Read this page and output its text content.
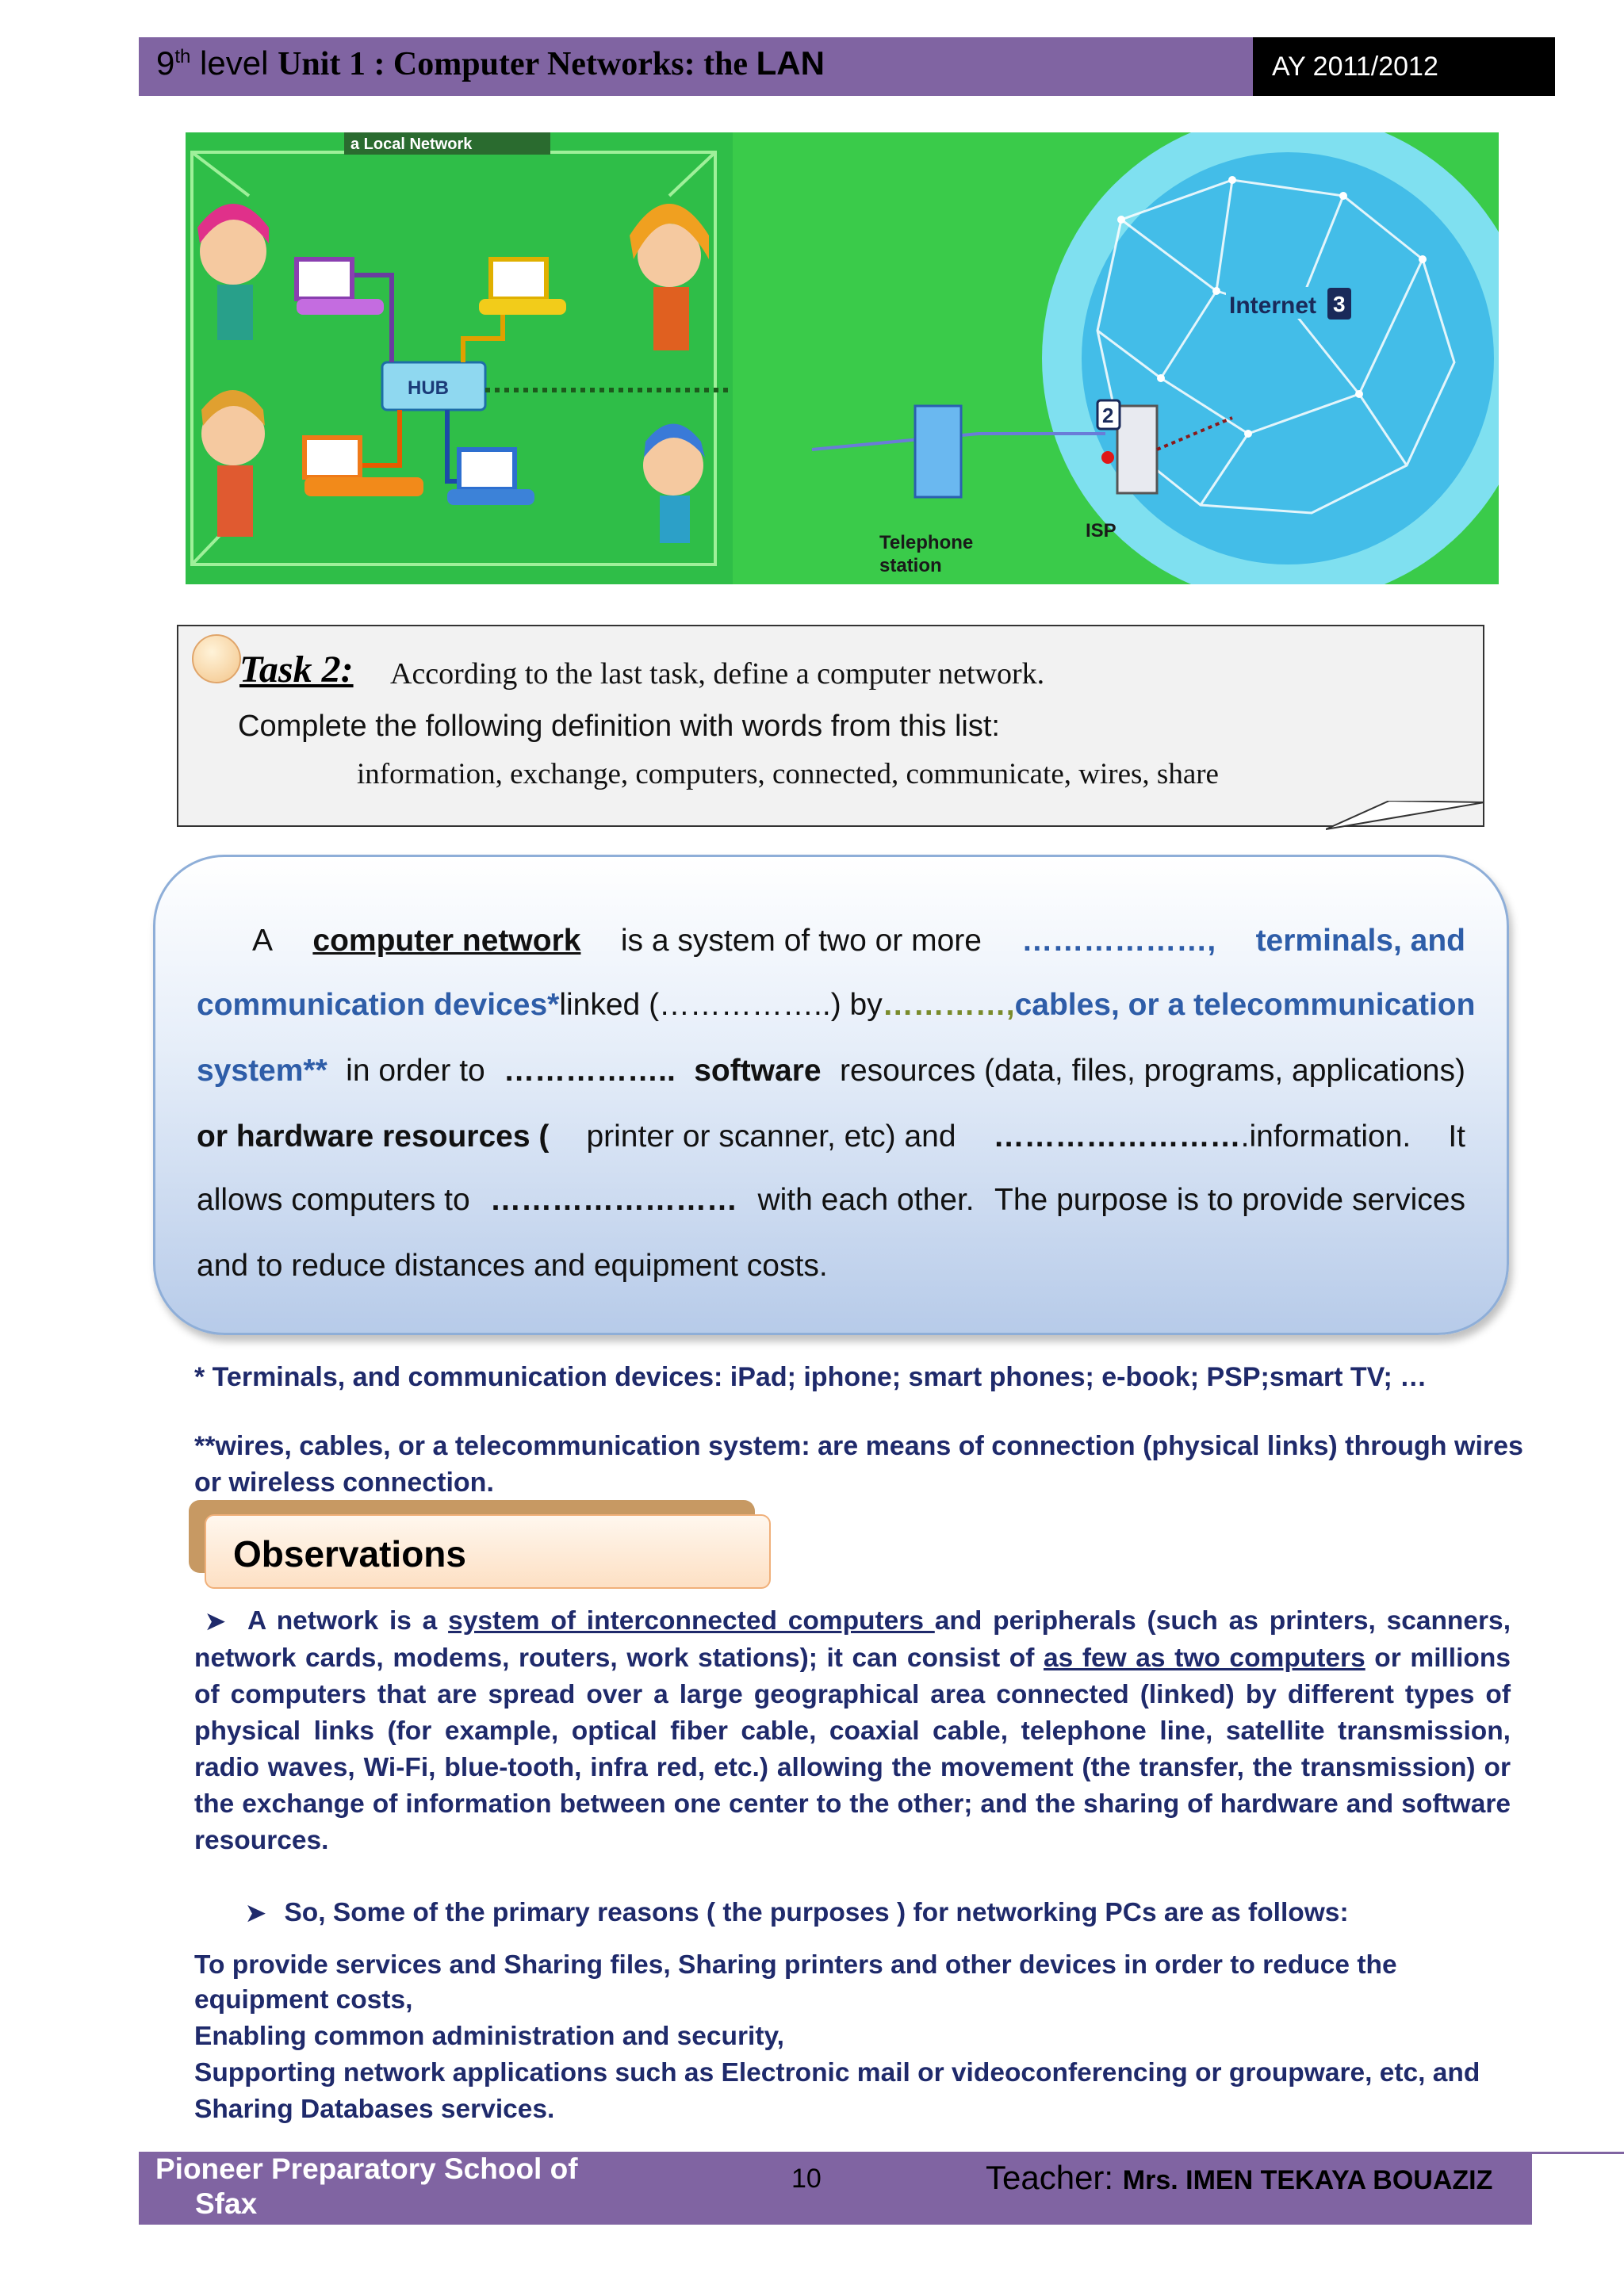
9th level Unit 1 : Computer Networks: the LAN	AY 2011/2012
a Local Network
HUB
Internet 3
Telephone
station
2
ISP
Task 2: According to the last task, define a computer network.
Complete the following definition with words from this list:
information, exchange, computers, connected, communicate, wires, share
A computer network is a system of two or more ………………, terminals, and
communication devices* linked (……………..) by …………, cables, or a telecommunication
system** in order to …………….. software resources (data, files, programs, applications)
or hardware resources ( printer or scanner, etc) and …………………….information. It
allows computers to …………………… with each other. The purpose is to provide services
and to reduce distances and equipment costs.
* Terminals, and communication devices: iPad; iphone; smart phones; e-book; PSP;smart TV; …
**wires, cables, or a telecommunication system: are means of connection (physical links) through wires
or wireless connection.
Observations
➤ A network is a system of interconnected computers and peripherals (such as printers, scanners, network cards, modems, routers, work stations); it can consist of as few as two computers or millions of computers that are spread over a large geographical area connected (linked) by different types of physical links (for example, optical fiber cable, coaxial cable, telephone line, satellite transmission, radio waves, Wi-Fi, blue-tooth, infra red, etc.) allowing the movement (the transfer, the transmission) or the exchange of information between one center to the other; and the sharing of hardware and software resources.
➤ So, Some of the primary reasons ( the purposes ) for networking PCs are as follows:
To provide services and Sharing files, Sharing printers and other devices in order to reduce the
equipment costs,
Enabling common administration and security,
Supporting network applications such as Electronic mail or videoconferencing or groupware, etc, and
Sharing Databases services.
Pioneer Preparatory School of
Sfax
10	Teacher: Mrs. IMEN TEKAYA BOUAZIZ
